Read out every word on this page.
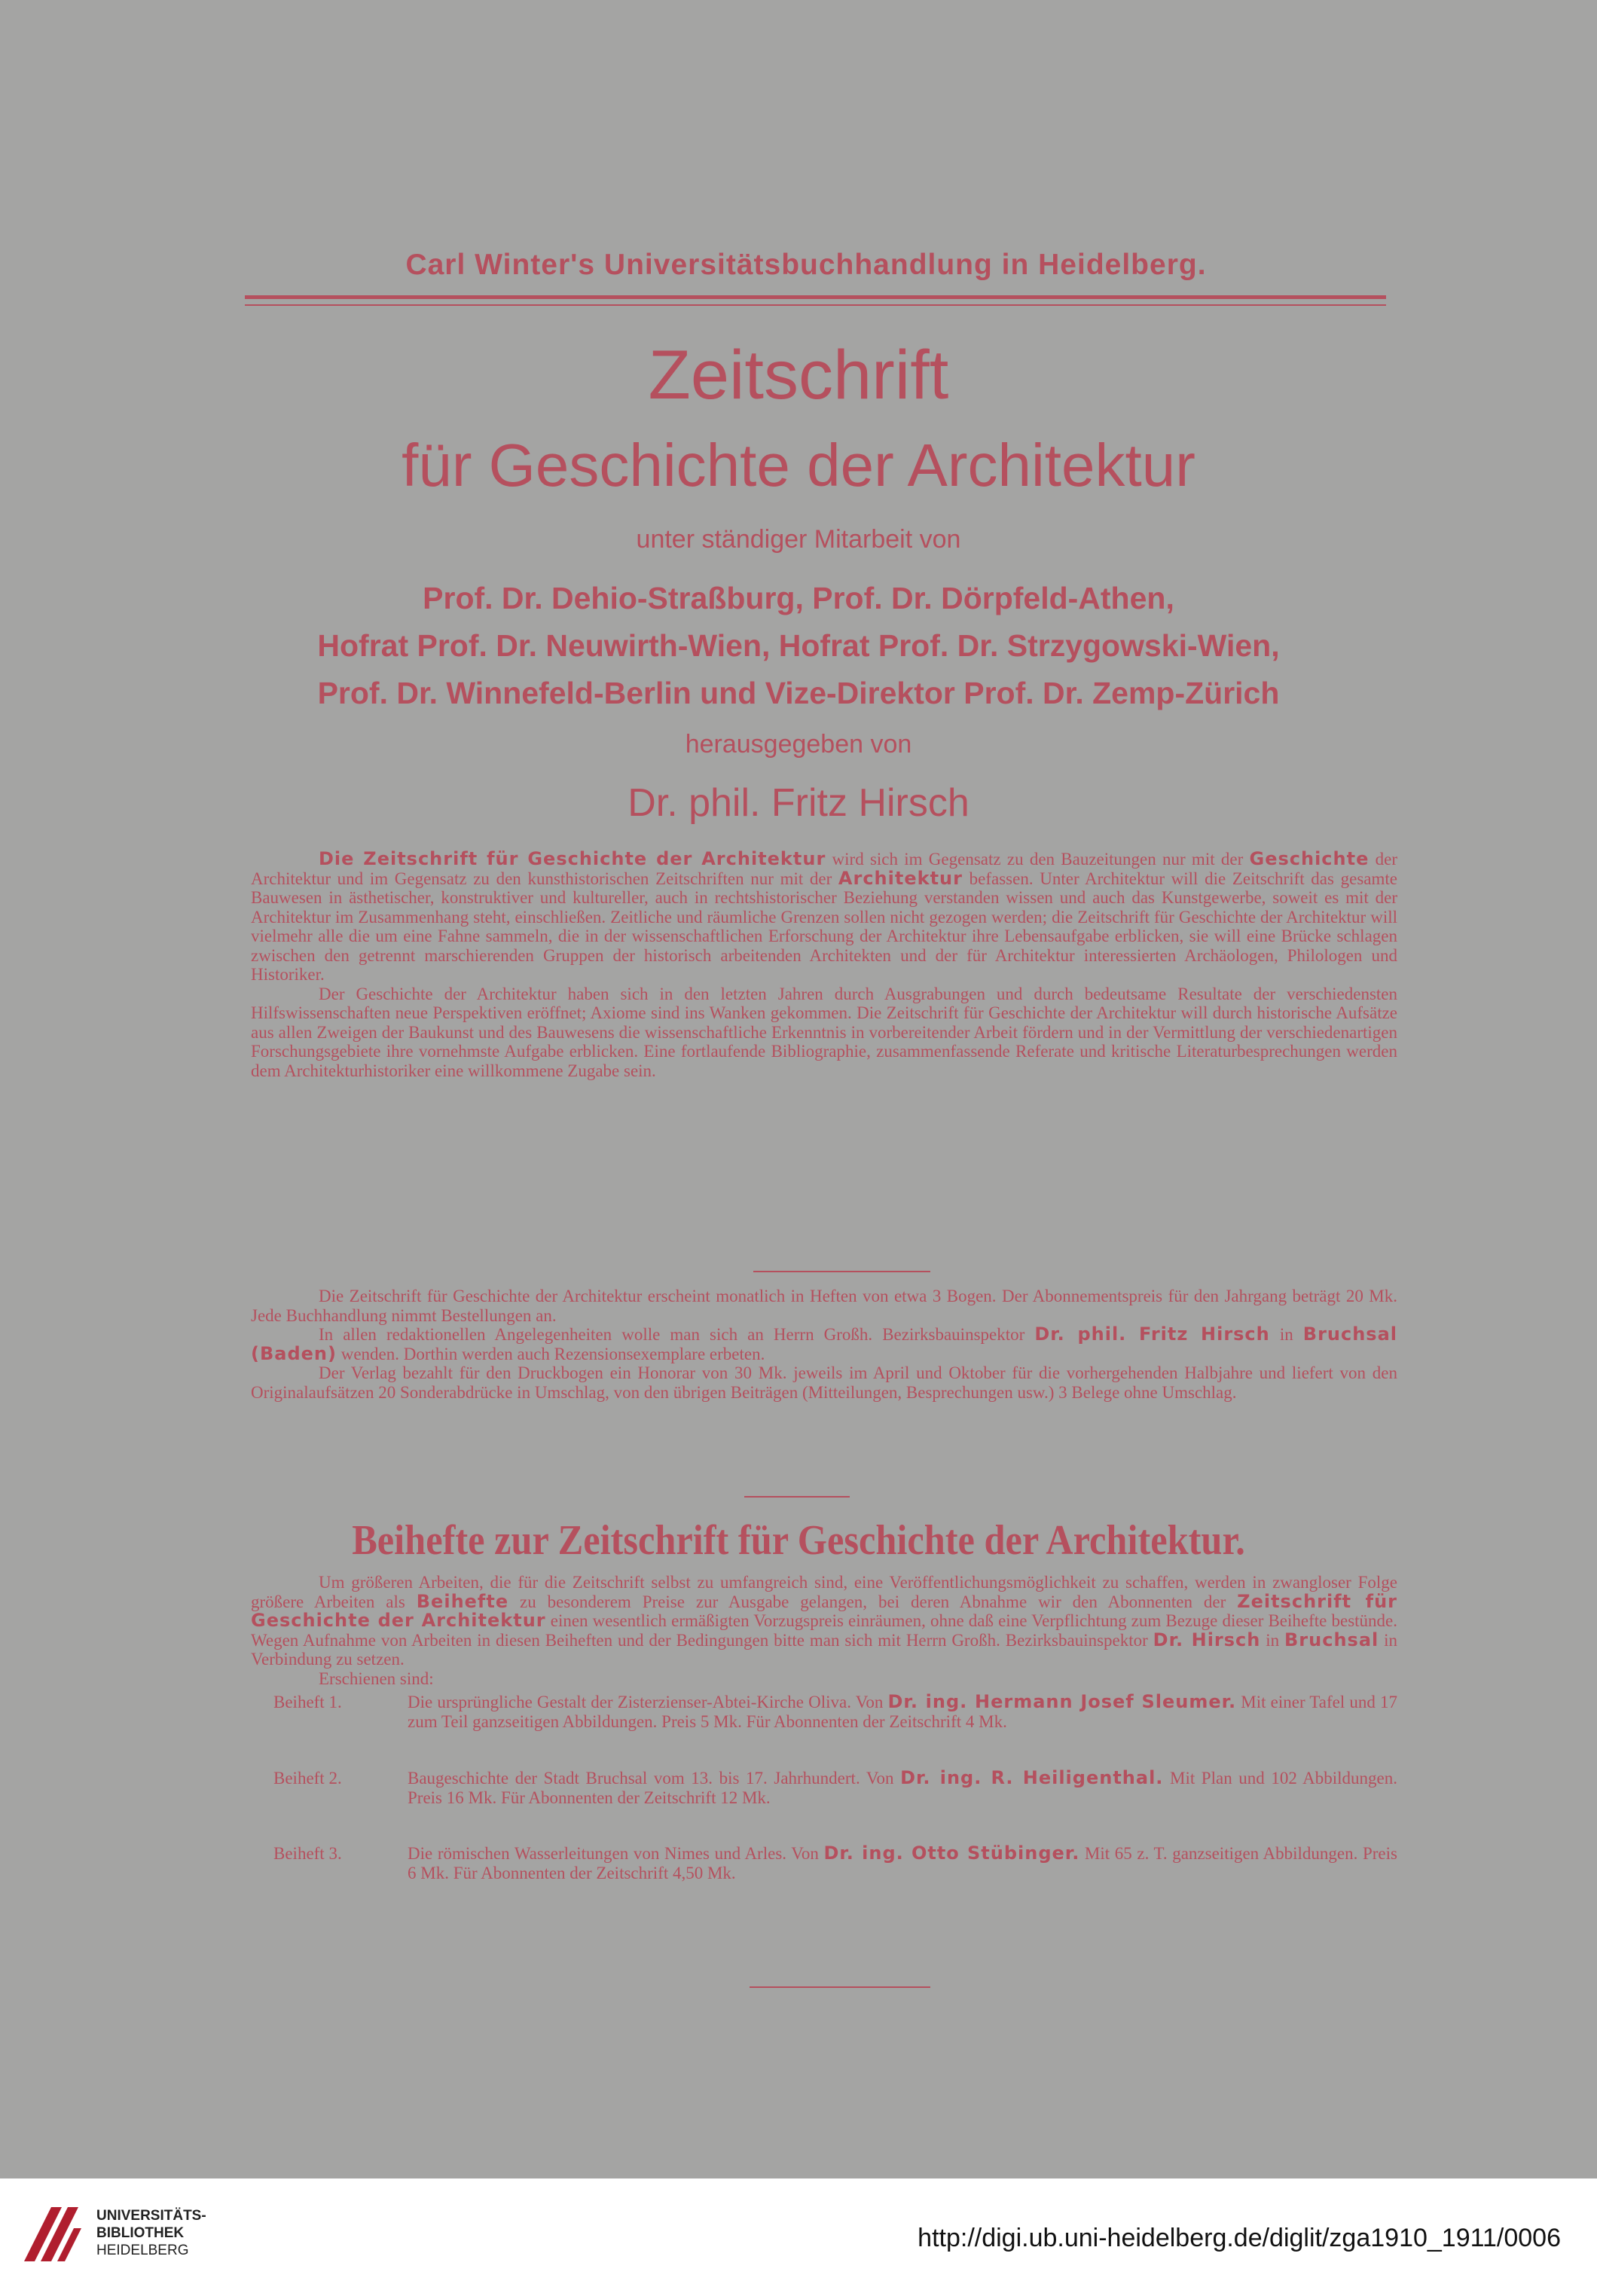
Carl Winter's Universitätsbuchhandlung in Heidelberg.
Zeitschrift
für Geschichte der Architektur
unter ständiger Mitarbeit von
Prof. Dr. Dehio-Straßburg, Prof. Dr. Dörpfeld-Athen,
Hofrat Prof. Dr. Neuwirth-Wien, Hofrat Prof. Dr. Strzygowski-Wien,
Prof. Dr. Winnefeld-Berlin und Vize-Direktor Prof. Dr. Zemp-Zürich
herausgegeben von
Dr. phil. Fritz Hirsch

Die Zeitschrift für Geschichte der Architektur wird sich im Gegensatz zu den Bauzeitungen nur mit der Geschichte der Architektur und im Gegensatz zu den kunsthistorischen Zeitschriften nur mit der Architektur befassen. Unter Architektur will die Zeitschrift das gesamte Bauwesen in ästhetischer, konstruktiver und kultureller, auch in rechtshistorischer Beziehung verstanden wissen und auch das Kunstgewerbe, soweit es mit der Architektur im Zusammenhang steht, einschließen. Zeitliche und räumliche Grenzen sollen nicht gezogen werden; die Zeitschrift für Geschichte der Architektur will vielmehr alle die um eine Fahne sammeln, die in der wissenschaftlichen Erforschung der Architektur ihre Lebensaufgabe erblicken, sie will eine Brücke schlagen zwischen den getrennt marschierenden Gruppen der historisch arbeitenden Architekten und der für Architektur interessierten Archäologen, Philologen und Historiker.

Der Geschichte der Architektur haben sich in den letzten Jahren durch Ausgrabungen und durch bedeutsame Resultate der verschiedensten Hilfswissenschaften neue Perspektiven eröffnet; Axiome sind ins Wanken gekommen. Die Zeitschrift für Geschichte der Architektur will durch historische Aufsätze aus allen Zweigen der Baukunst und des Bauwesens die wissenschaftliche Erkenntnis in vorbereitender Arbeit fördern und in der Vermittlung der verschiedenartigen Forschungsgebiete ihre vornehmste Aufgabe erblicken. Eine fortlaufende Bibliographie, zusammenfassende Referate und kritische Literaturbesprechungen werden dem Architekturhistoriker eine willkommene Zugabe sein.

Die Zeitschrift für Geschichte der Architektur erscheint monatlich in Heften von etwa 3 Bogen. Der Abonnementspreis für den Jahrgang beträgt 20 Mk. Jede Buchhandlung nimmt Bestellungen an.

In allen redaktionellen Angelegenheiten wolle man sich an Herrn Großh. Bezirksbauinspektor Dr. phil. Fritz Hirsch in Bruchsal (Baden) wenden. Dorthin werden auch Rezensionsexemplare erbeten.

Der Verlag bezahlt für den Druckbogen ein Honorar von 30 Mk. jeweils im April und Oktober für die vorhergehenden Halbjahre und liefert von den Originalaufsätzen 20 Sonderabdrücke in Umschlag, von den übrigen Beiträgen (Mitteilungen, Besprechungen usw.) 3 Belege ohne Umschlag.

Beihefte zur Zeitschrift für Geschichte der Architektur.

Um größeren Arbeiten, die für die Zeitschrift selbst zu umfangreich sind, eine Veröffentlichungsmöglichkeit zu schaffen, werden in zwangloser Folge größere Arbeiten als Beihefte zu besonderem Preise zur Ausgabe gelangen, bei deren Abnahme wir den Abonnenten der Zeitschrift für Geschichte der Architektur einen wesentlich ermäßigten Vorzugspreis einräumen, ohne daß eine Verpflichtung zum Bezuge dieser Beihefte bestünde. Wegen Aufnahme von Arbeiten in diesen Beiheften und der Bedingungen bitte man sich mit Herrn Großh. Bezirksbauinspektor Dr. Hirsch in Bruchsal in Verbindung zu setzen.

Erschienen sind:

Beiheft 1.	Die ursprüngliche Gestalt der Zisterzienser-Abtei-Kirche Oliva. Von Dr. ing. Hermann Josef Sleumer. Mit einer Tafel und 17 zum Teil ganzseitigen Abbildungen. Preis 5 Mk. Für Abonnenten der Zeitschrift 4 Mk.
Beiheft 2.	Baugeschichte der Stadt Bruchsal vom 13. bis 17. Jahrhundert. Von Dr. ing. R. Heiligenthal. Mit Plan und 102 Abbildungen. Preis 16 Mk. Für Abonnenten der Zeitschrift 12 Mk.
Beiheft 3.	Die römischen Wasserleitungen von Nimes und Arles. Von Dr. ing. Otto Stübinger. Mit 65 z. T. ganzseitigen Abbildungen. Preis 6 Mk. Für Abonnenten der Zeitschrift 4,50 Mk.
UNIVERSITÄTS-
BIBLIOTHEK
HEIDELBERG	http://digi.ub.uni-heidelberg.de/diglit/zga1910_1911/0006
